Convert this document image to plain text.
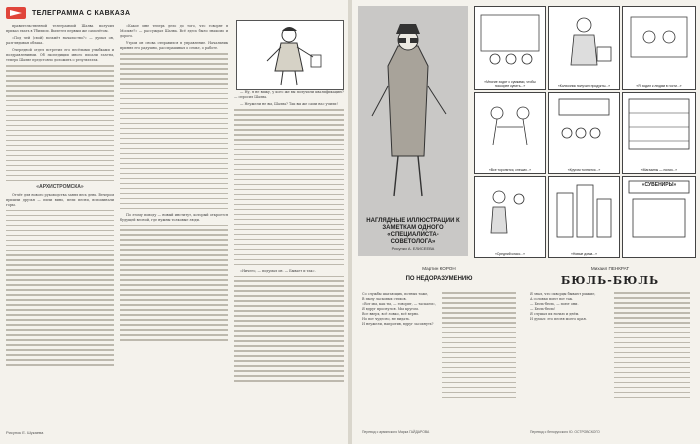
ТЕЛЕГРАММА С КАВКАЗА

правительственной телеграммой Шалва получил приказ ехать в Тбилиси. Вылетел первым же самолётом.

«Под чей (свой) возьмёт начальство?» — думал он, разглядывая облака.

Очередной отдел встретил его весёлыми улыбками и поздравлениями. Об экспедиции много писали газеты, теперь Шалве предстояло доложить о результатах.

«АРХИСТРОМСКА»

Отчёт для нового руководства занял весь день. Вечером пришли друзья — пили вино, пели песни, вспоминали горы.

«Какое мне теперь дело до того, что говорят в Москве?» — рассуждал Шалва. Всё здесь было знакомо и дорого.

Утром он снова отправился в управление. Начальник принял его радушно, расспрашивал о семье, о работе.

По этому поводу — новый институт, который откроется будущей весной, где нужны толковые люди.

— Ну, я не вижу, у кого же вы получили квалификацию? — спросил Шалва.

— Неужели не вы, Шалва? Так вы же сами нас учили!

«Ничего, — подумал он. — Бывает и так».

Рисунок Е. Шукаева
НАГЛЯДНЫЕ ИЛЛЮСТРАЦИИ К ЗАМЕТКАМ ОДНОГО «СПЕЦИАЛИСТА-СОВЕТОЛОГА»
Рисунки А. ЕЛИСЕЕВА
«Многие ходят с сумками, чтобы поскорее купить...»	«Колхозник получил продукты...»	«Я ходил к людям в гости...»
«Все торопятся, спешат...»	«Кругом толпятся...»	«Магазины — полки...»
«Средний класс...»	«Новые дома...»
«СУВЕНИРЫ»
Мартин КОРОН
ПО НЕДОРАЗУМЕНИЮ
Со службы шагающих, потных тоже,
В пылу ласковых стихов.
«Вот мы, как ты, — говорит, — таскаем»,
Я вдруг проснулся. Мы кругом.
Все вверх, всё ловко, всё верно.
Но вот чудесно, не видать.
И неужели, напротив, вдруг засохнуть?
Перевод с армянского Марка ГАЙДАРОВА
Михаил ПЕНКРАТ
БЮЛЬ-БЮЛЬ
Я знал, что скворцы бывают рыжие,
А соловьи поют вот так.
— Бюль-бюль, — поют они.
— Бюль-бюль!
Я слушал их ночью и днём.
И думал: это песня моего края.
Перевод с белорусского Ю. ОСТРОВСКОГО
